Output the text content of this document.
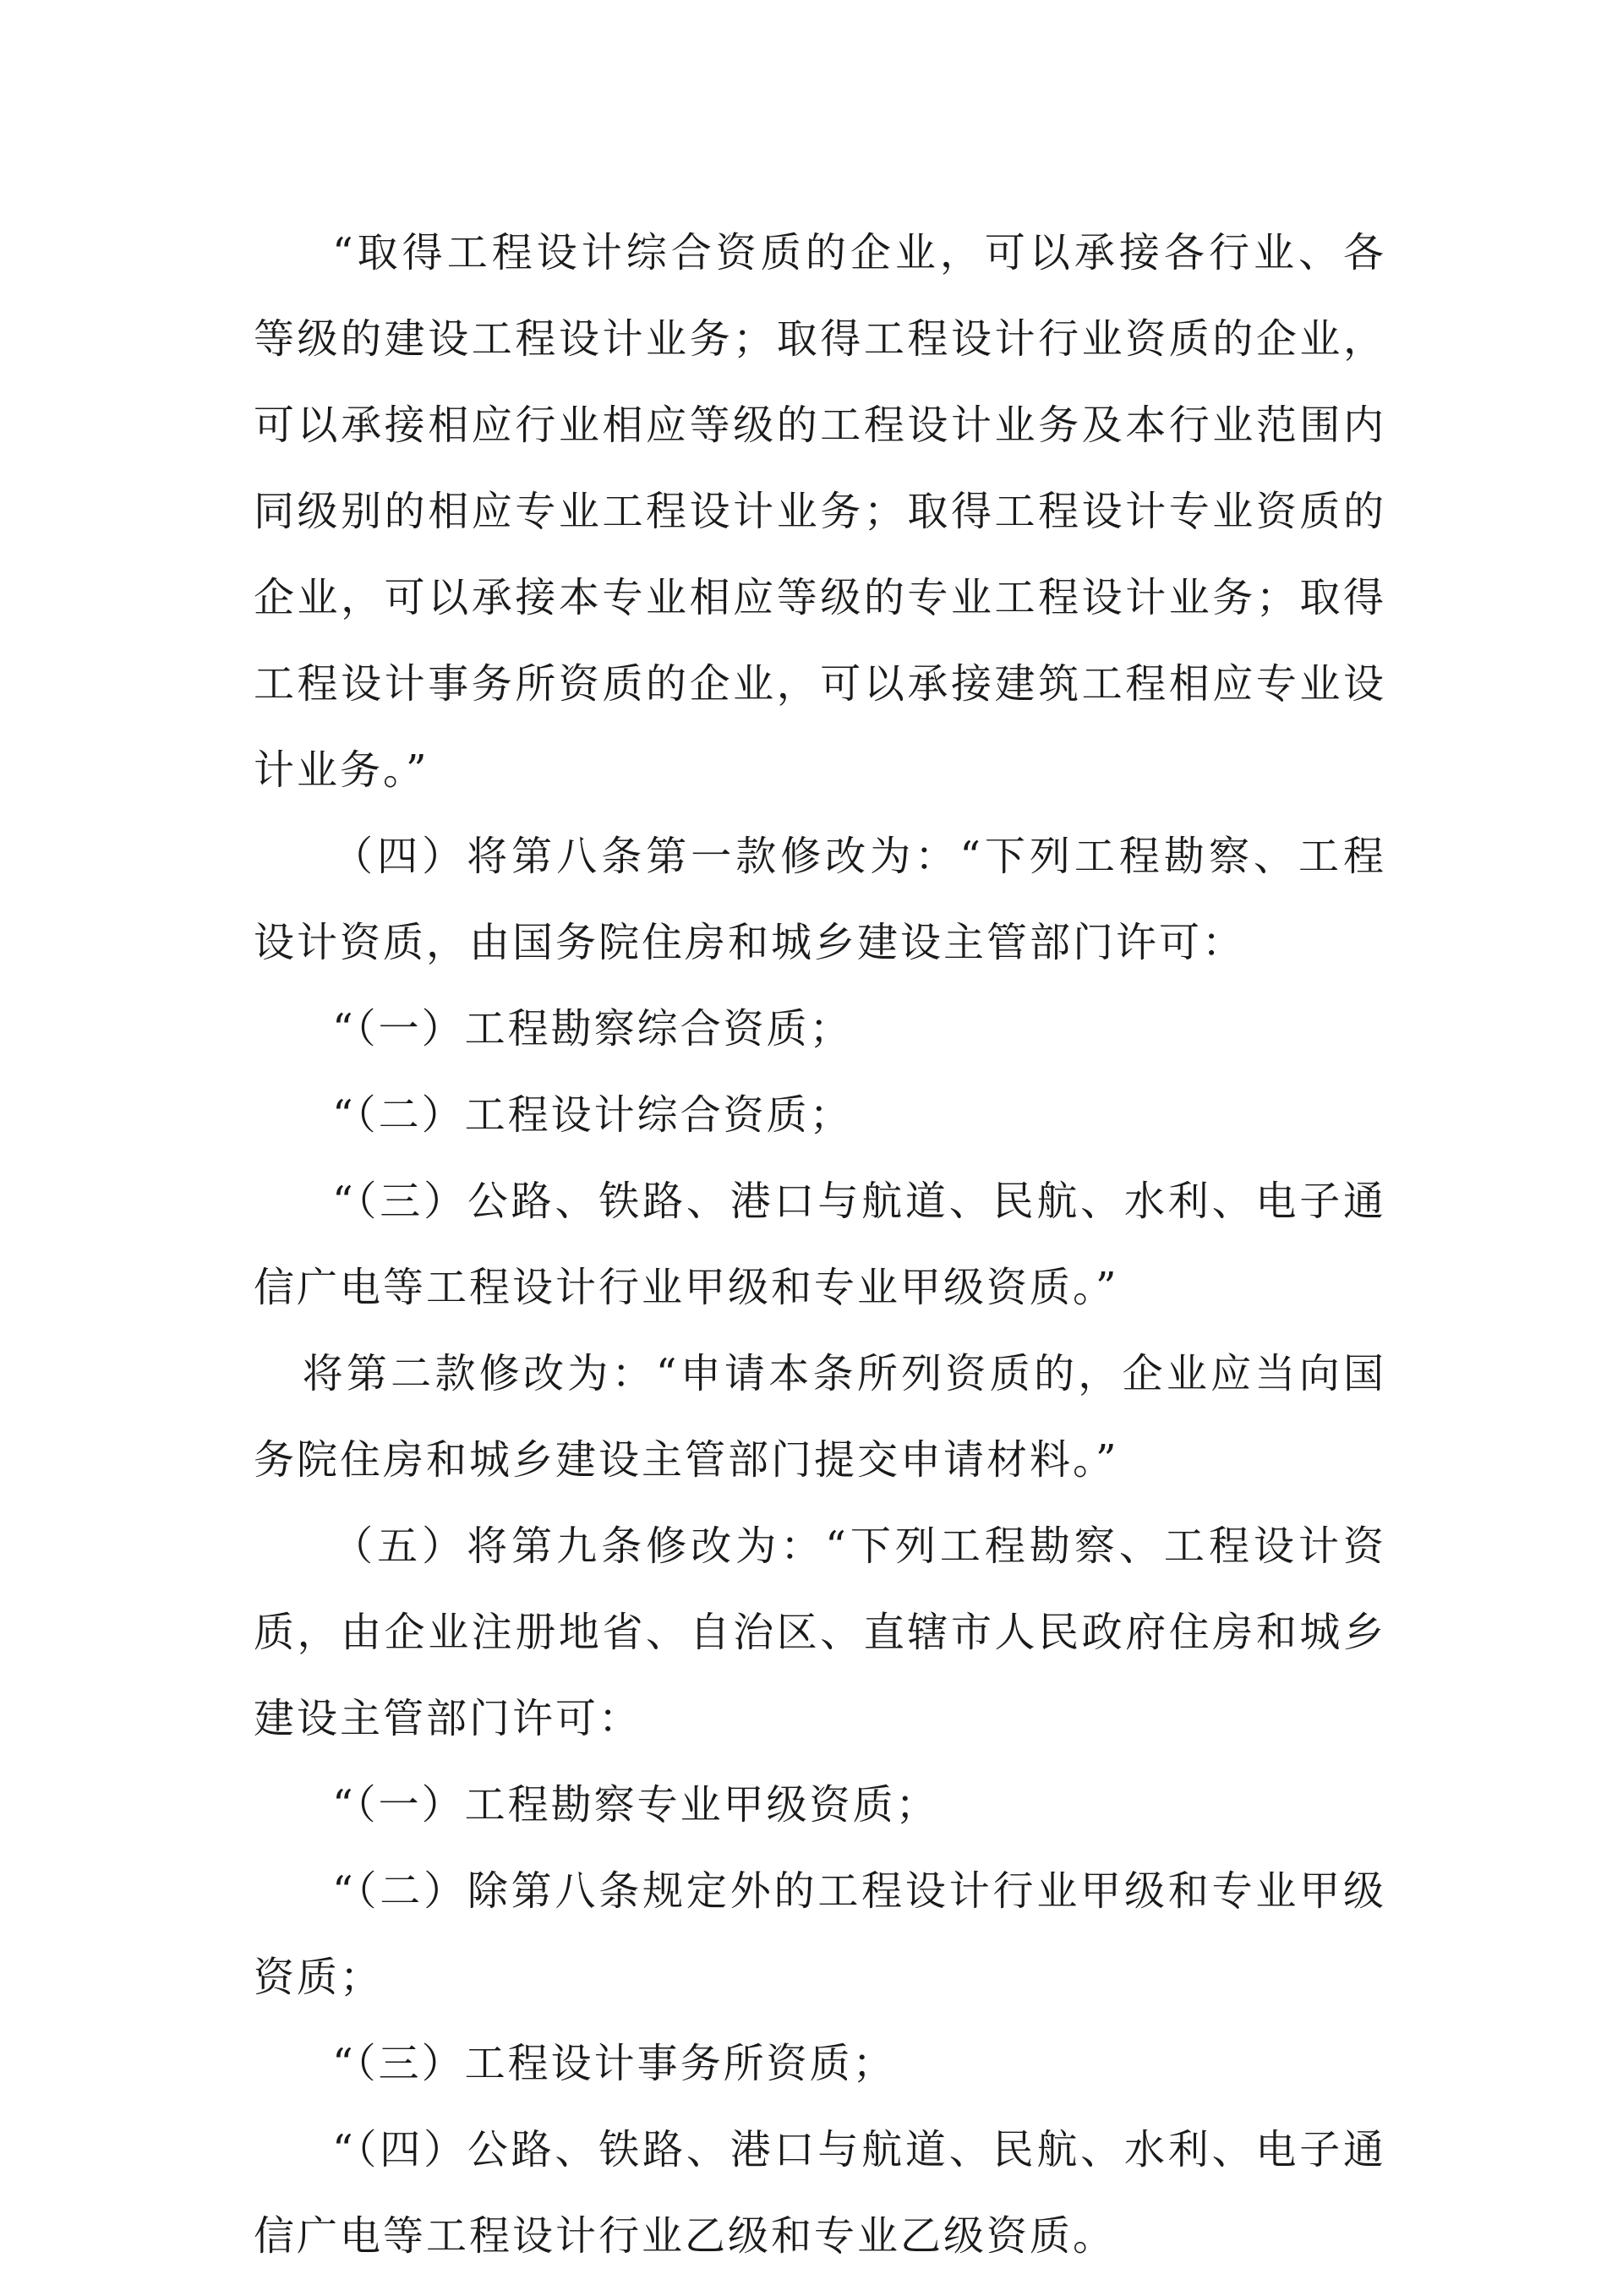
“取得工程设计综合资质的企业，可以承接各行业、各等级的建设工程设计业务；取得工程设计行业资质的企业，可以承接相应行业相应等级的工程设计业务及本行业范围内同级别的相应专业工程设计业务；取得工程设计专业资质的企业，可以承接本专业相应等级的专业工程设计业务；取得工程设计事务所资质的企业，可以承接建筑工程相应专业设计业务。”

（四）将第八条第一款修改为：“下列工程勘察、工程设计资质，由国务院住房和城乡建设主管部门许可：

“（一）工程勘察综合资质；

“（二）工程设计综合资质；

“（三）公路、铁路、港口与航道、民航、水利、电子通信广电等工程设计行业甲级和专业甲级资质。”

将第二款修改为：“申请本条所列资质的，企业应当向国务院住房和城乡建设主管部门提交申请材料。”

（五）将第九条修改为：“下列工程勘察、工程设计资质，由企业注册地省、自治区、直辖市人民政府住房和城乡建设主管部门许可：

“（一）工程勘察专业甲级资质；

“（二）除第八条规定外的工程设计行业甲级和专业甲级资质；

“（三）工程设计事务所资质；

“（四）公路、铁路、港口与航道、民航、水利、电子通信广电等工程设计行业乙级和专业乙级资质。
